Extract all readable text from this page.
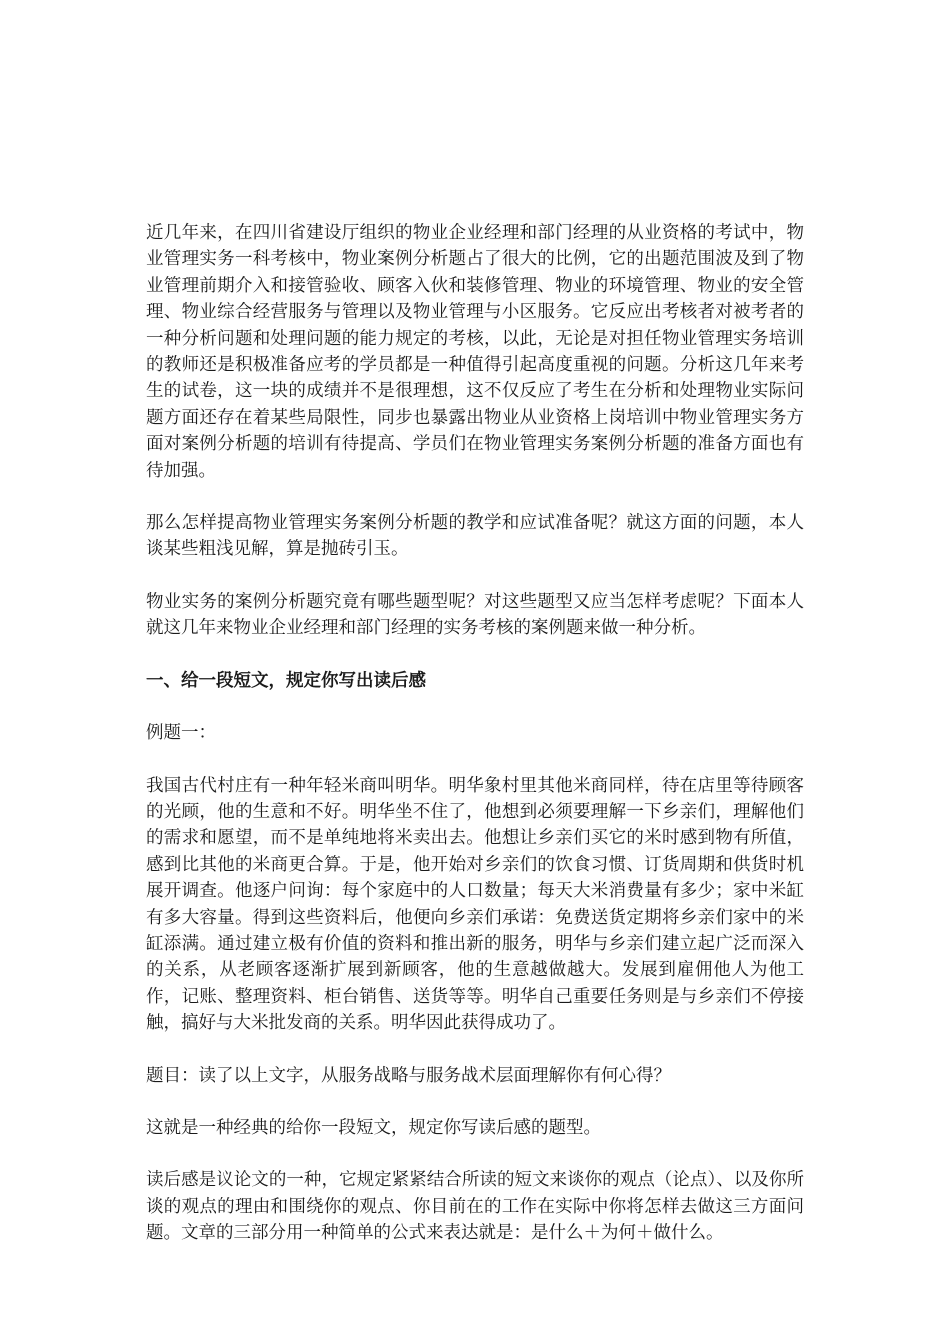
近几年来，在四川省建设厅组织的物业企业经理和部门经理的从业资格的考试中，物业管理实务一科考核中，物业案例分析题占了很大的比例，它的出题范围波及到了物业管理前期介入和接管验收、顾客入伙和装修管理、物业的环境管理、物业的安全管理、物业综合经营服务与管理以及物业管理与小区服务。它反应出考核者对被考者的一种分析问题和处理问题的能力规定的考核，以此，无论是对担任物业管理实务培训的教师还是积极准备应考的学员都是一种值得引起高度重视的问题。分析这几年来考生的试卷，这一块的成绩并不是很理想，这不仅反应了考生在分析和处理物业实际问题方面还存在着某些局限性，同步也暴露出物业从业资格上岗培训中物业管理实务方面对案例分析题的培训有待提高、学员们在物业管理实务案例分析题的准备方面也有待加强。

那么怎样提高物业管理实务案例分析题的教学和应试准备呢？就这方面的问题，本人谈某些粗浅见解，算是抛砖引玉。

物业实务的案例分析题究竟有哪些题型呢？对这些题型又应当怎样考虑呢？下面本人就这几年来物业企业经理和部门经理的实务考核的案例题来做一种分析。

一、给一段短文，规定你写出读后感

例题一：

我国古代村庄有一种年轻米商叫明华。明华象村里其他米商同样，待在店里等待顾客的光顾，他的生意和不好。明华坐不住了，他想到必须要理解一下乡亲们，理解他们的需求和愿望，而不是单纯地将米卖出去。他想让乡亲们买它的米时感到物有所值，感到比其他的米商更合算。于是，他开始对乡亲们的饮食习惯、订货周期和供货时机展开调查。他逐户问询：每个家庭中的人口数量；每天大米消费量有多少；家中米缸有多大容量。得到这些资料后，他便向乡亲们承诺：免费送货定期将乡亲们家中的米缸添满。通过建立极有价值的资料和推出新的服务，明华与乡亲们建立起广泛而深入的关系，从老顾客逐渐扩展到新顾客，他的生意越做越大。发展到雇佣他人为他工作，记账、整理资料、柜台销售、送货等等。明华自己重要任务则是与乡亲们不停接触，搞好与大米批发商的关系。明华因此获得成功了。

题目：读了以上文字，从服务战略与服务战术层面理解你有何心得？

这就是一种经典的给你一段短文，规定你写读后感的题型。

读后感是议论文的一种，它规定紧紧结合所读的短文来谈你的观点（论点）、以及你所谈的观点的理由和围绕你的观点、你目前在的工作在实际中你将怎样去做这三方面问题。文章的三部分用一种简单的公式来表达就是：是什么＋为何＋做什么。
